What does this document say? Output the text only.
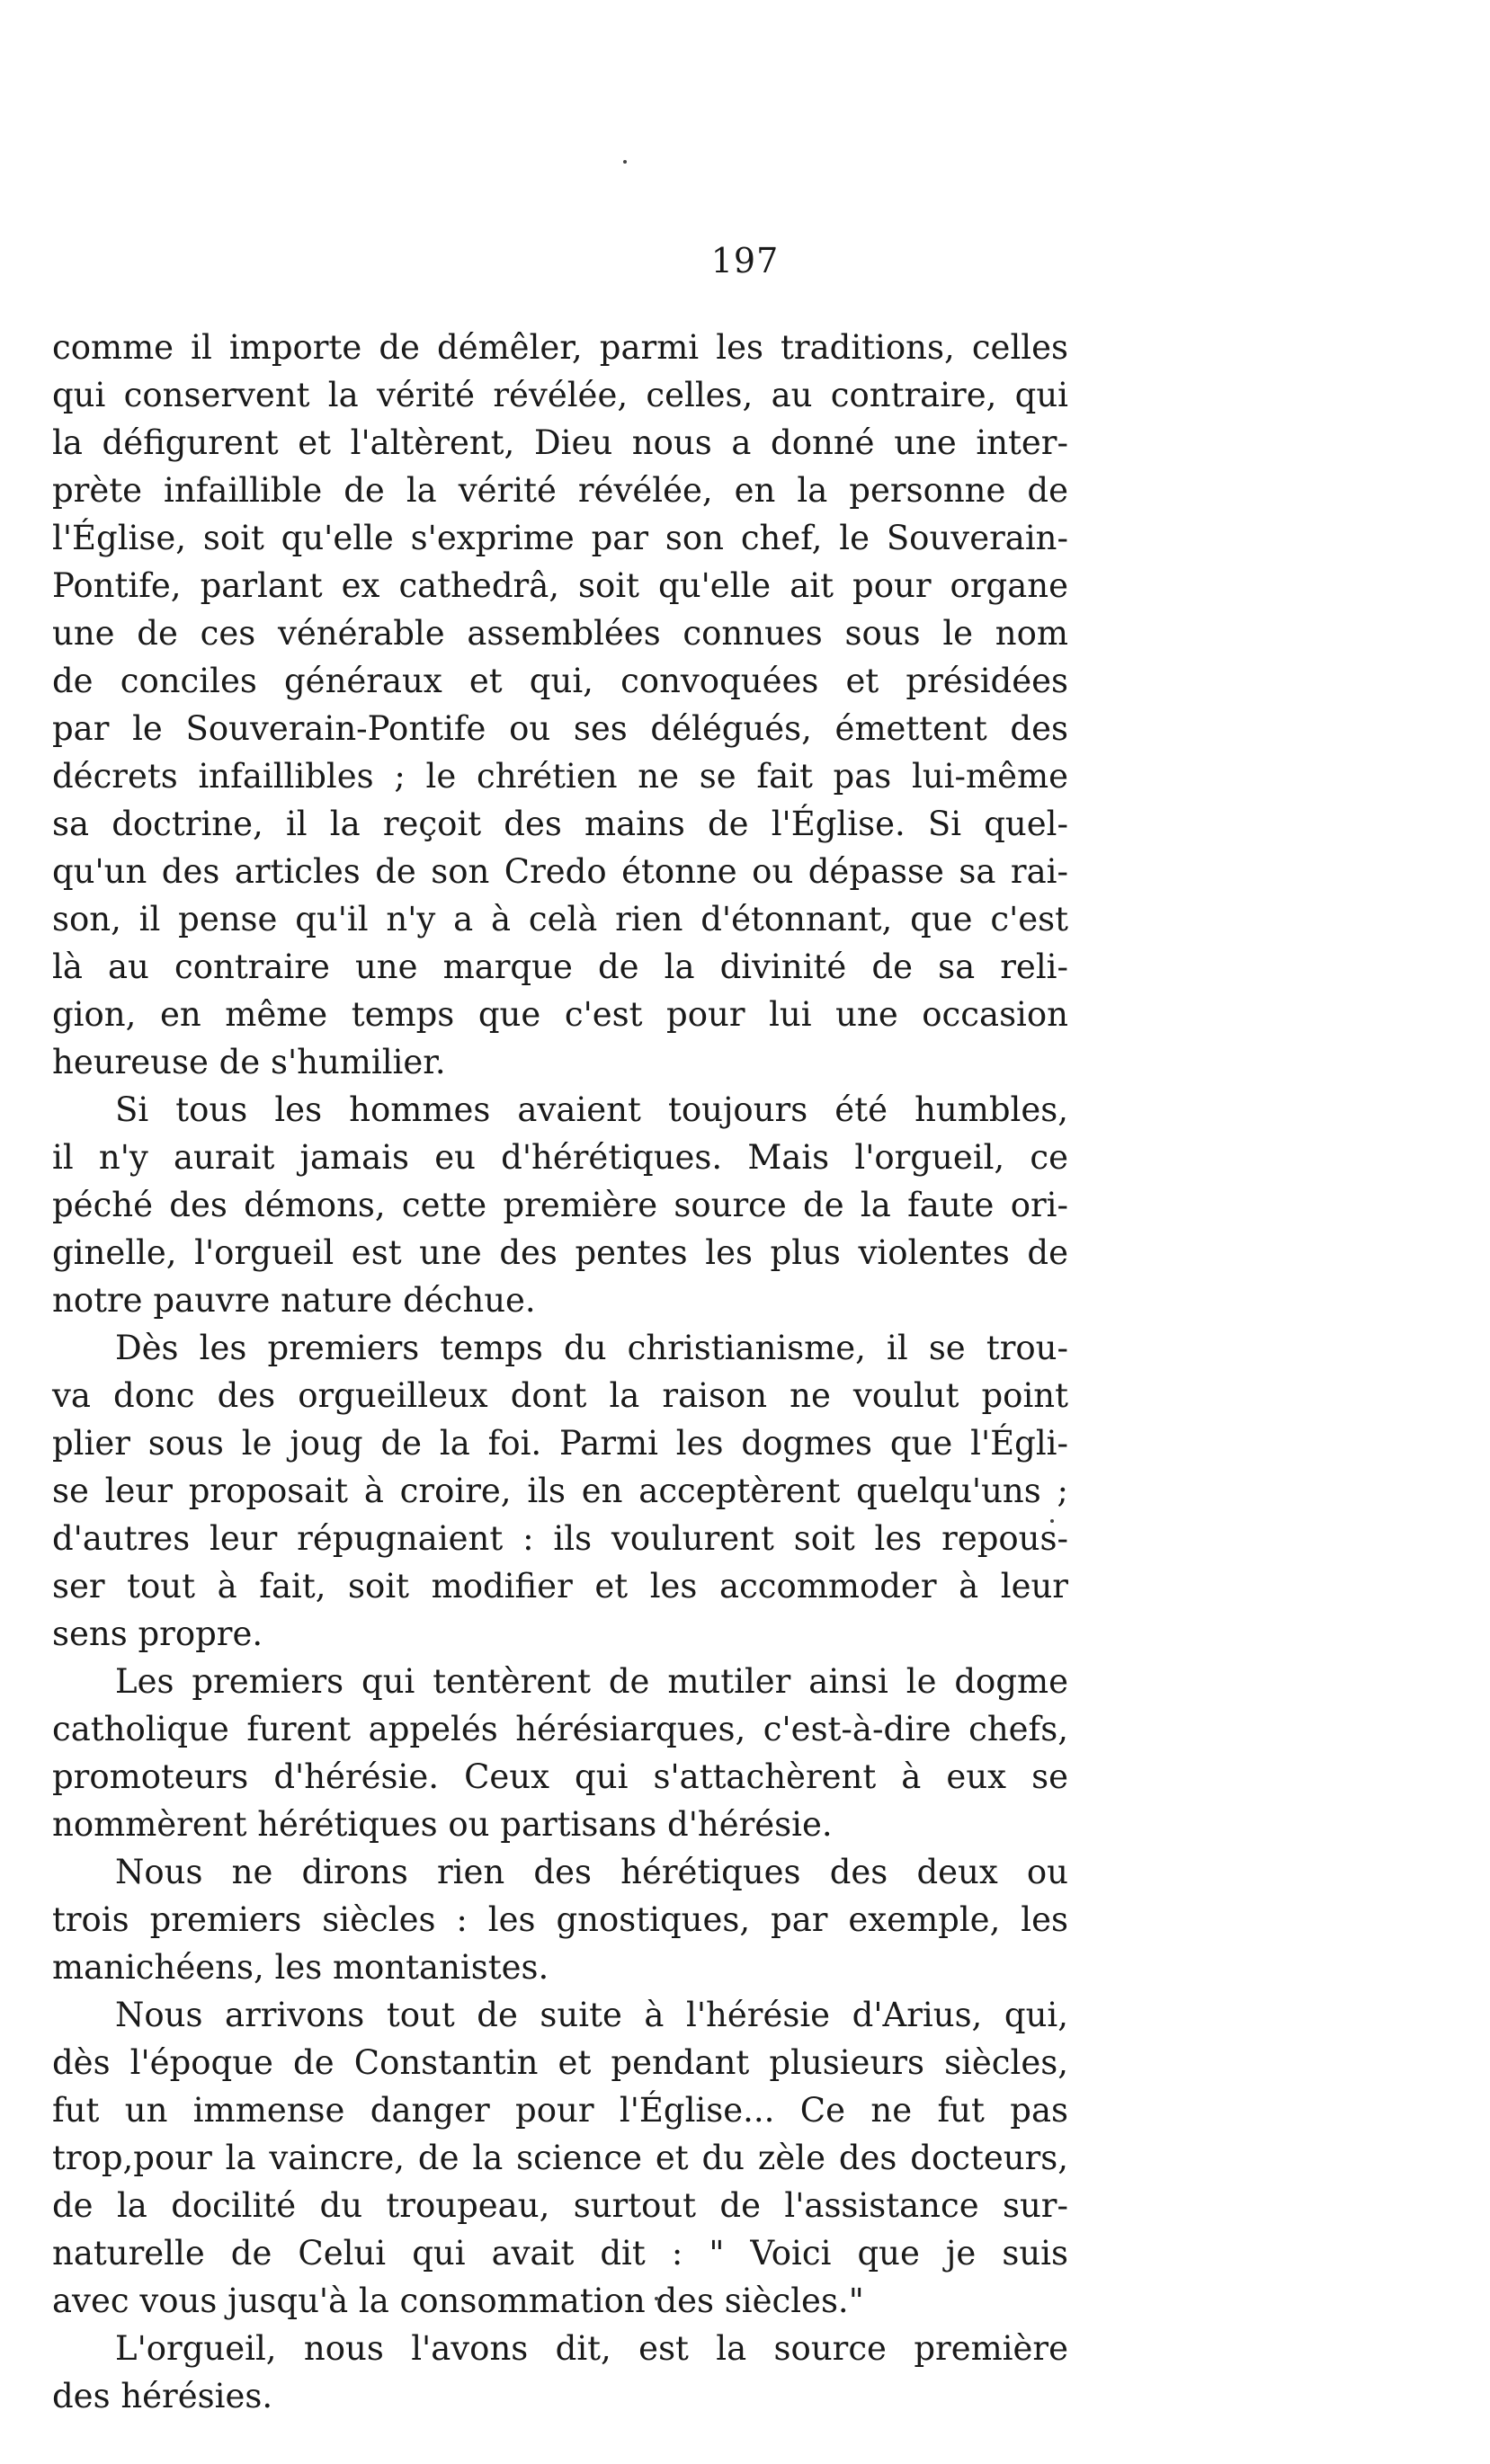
197
comme il importe de démêler, parmi les traditions, celles
qui conservent la vérité révélée, celles, au contraire, qui
la défigurent et l'altèrent, Dieu nous a donné une inter-
prète infaillible de la vérité révélée, en la personne de
l'Église, soit qu'elle s'exprime par son chef, le Souverain-
Pontife, parlant ex cathedrâ, soit qu'elle ait pour organe
une de ces vénérable assemblées connues sous le nom
de conciles généraux et qui, convoquées et présidées
par le Souverain-Pontife ou ses délégués, émettent des
décrets infaillibles ; le chrétien ne se fait pas lui-même
sa doctrine, il la reçoit des mains de l'Église. Si quel-
qu'un des articles de son Credo étonne ou dépasse sa rai-
son, il pense qu'il n'y a à celà rien d'étonnant, que c'est
là au contraire une marque de la divinité de sa reli-
gion, en même temps que c'est pour lui une occasion
heureuse de s'humilier.
Si tous les hommes avaient toujours été humbles,
il n'y aurait jamais eu d'hérétiques. Mais l'orgueil, ce
péché des démons, cette première source de la faute ori-
ginelle, l'orgueil est une des pentes les plus violentes de
notre pauvre nature déchue.
Dès les premiers temps du christianisme, il se trou-
va donc des orgueilleux dont la raison ne voulut point
plier sous le joug de la foi. Parmi les dogmes que l'Égli-
se leur proposait à croire, ils en acceptèrent quelqu'uns ;
d'autres leur répugnaient : ils voulurent soit les repous-
ser tout à fait, soit modifier et les accommoder à leur
sens propre.
Les premiers qui tentèrent de mutiler ainsi le dogme
catholique furent appelés hérésiarques, c'est-à-dire chefs,
promoteurs d'hérésie. Ceux qui s'attachèrent à eux se
nommèrent hérétiques ou partisans d'hérésie.
Nous ne dirons rien des hérétiques des deux ou
trois premiers siècles : les gnostiques, par exemple, les
manichéens, les montanistes.
Nous arrivons tout de suite à l'hérésie d'Arius, qui,
dès l'époque de Constantin et pendant plusieurs siècles,
fut un immense danger pour l'Église... Ce ne fut pas
trop,pour la vaincre, de la science et du zèle des docteurs,
de la docilité du troupeau, surtout de l'assistance sur-
naturelle de Celui qui avait dit : " Voici que je suis
avec vous jusqu'à la consommation des siècles."
L'orgueil, nous l'avons dit, est la source première
des hérésies.
